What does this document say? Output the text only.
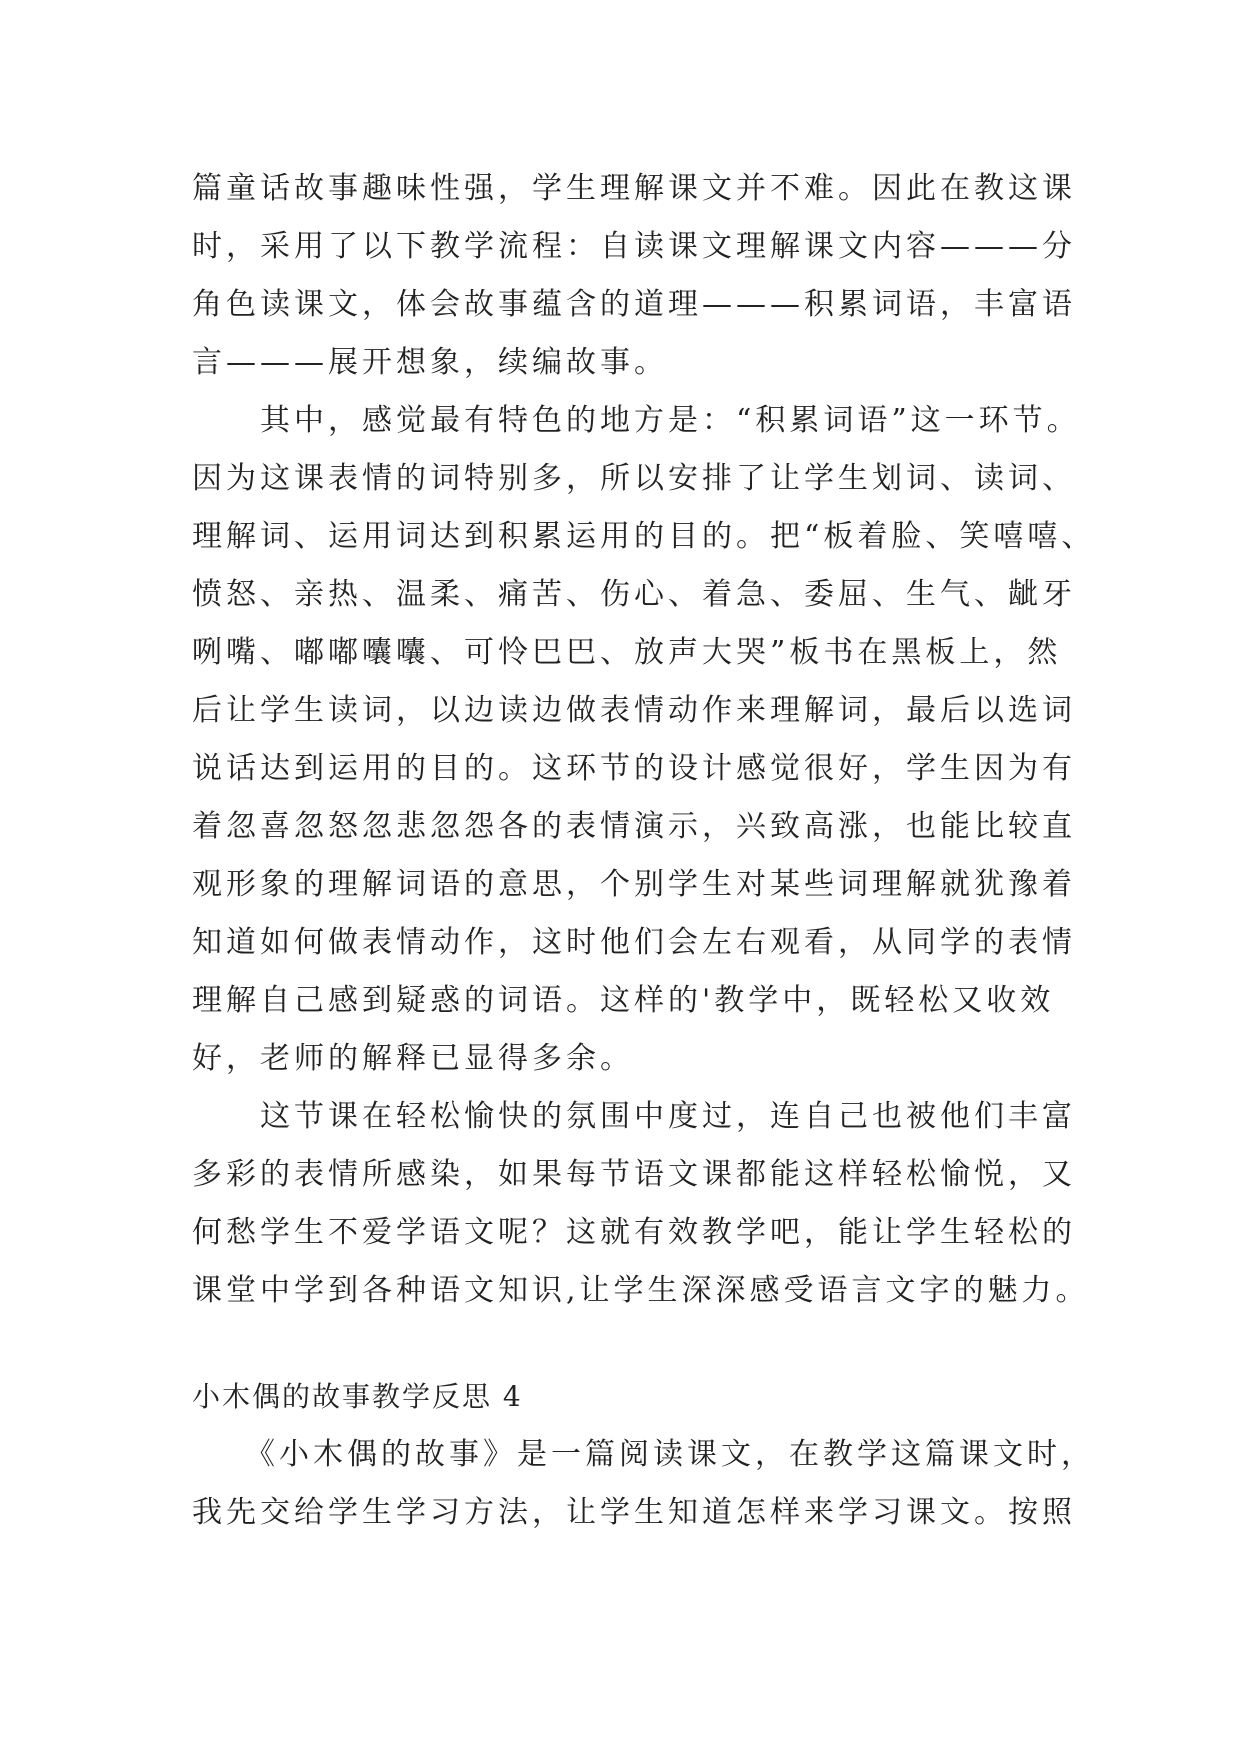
篇童话故事趣味性强，学生理解课文并不难。因此在教这课
时，采用了以下教学流程：自读课文理解课文内容———分
角色读课文，体会故事蕴含的道理———积累词语，丰富语
言———展开想象，续编故事。
　　其中，感觉最有特色的地方是：“积累词语”这一环节。
因为这课表情的词特别多，所以安排了让学生划词、读词、
理解词、运用词达到积累运用的目的。把“板着脸、笑嘻嘻、
愤怒、亲热、温柔、痛苦、伤心、着急、委屈、生气、龇牙
咧嘴、嘟嘟囔囔、可怜巴巴、放声大哭”板书在黑板上，然
后让学生读词，以边读边做表情动作来理解词，最后以选词
说话达到运用的目的。这环节的设计感觉很好，学生因为有
着忽喜忽怒忽悲忽怨各的表情演示，兴致高涨，也能比较直
观形象的理解词语的意思，个别学生对某些词理解就犹豫着
知道如何做表情动作，这时他们会左右观看，从同学的表情
理解自己感到疑惑的词语。这样的'教学中，既轻松又收效
好，老师的解释已显得多余。
　　这节课在轻松愉快的氛围中度过，连自己也被他们丰富
多彩的表情所感染，如果每节语文课都能这样轻松愉悦，又
何愁学生不爱学语文呢？这就有效教学吧，能让学生轻松的
课堂中学到各种语文知识,让学生深深感受语言文字的魅力。
小木偶的故事教学反思 4
　　《小木偶的故事》是一篇阅读课文，在教学这篇课文时，
我先交给学生学习方法，让学生知道怎样来学习课文。按照
